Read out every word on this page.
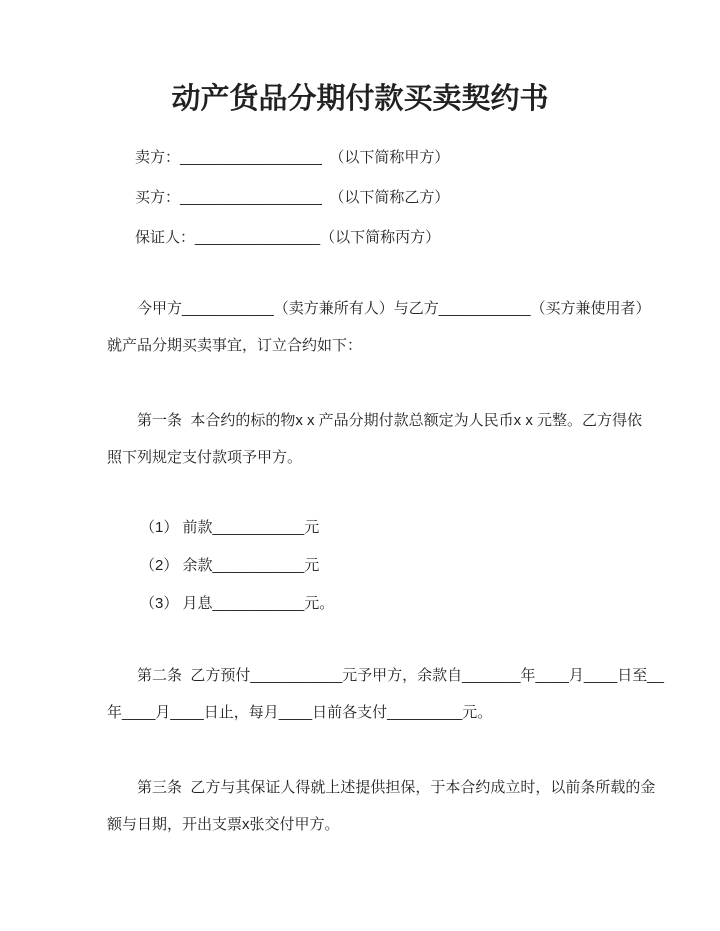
动产货品分期付款买卖契约书
卖方：_________________　（以下简称甲方）
买方：_________________　（以下简称乙方）
保证人：_______________（以下简称丙方）
今甲方___________（卖方兼所有人）与乙方___________（买方兼使用者）
就产品分期买卖事宜，订立合约如下：
第一条  本合约的标的物x x 产品分期付款总额定为人民币x x 元整。乙方得依
照下列规定支付款项予甲方。
（1） 前款___________元
（2） 余款___________元
（3） 月息___________元。
第二条  乙方预付___________元予甲方，余款自_______年____月____日至__
年____月____日止，每月____日前各支付_________元。
第三条  乙方与其保证人得就上述提供担保，于本合约成立时，以前条所载的金
额与日期，开出支票x张交付甲方。
